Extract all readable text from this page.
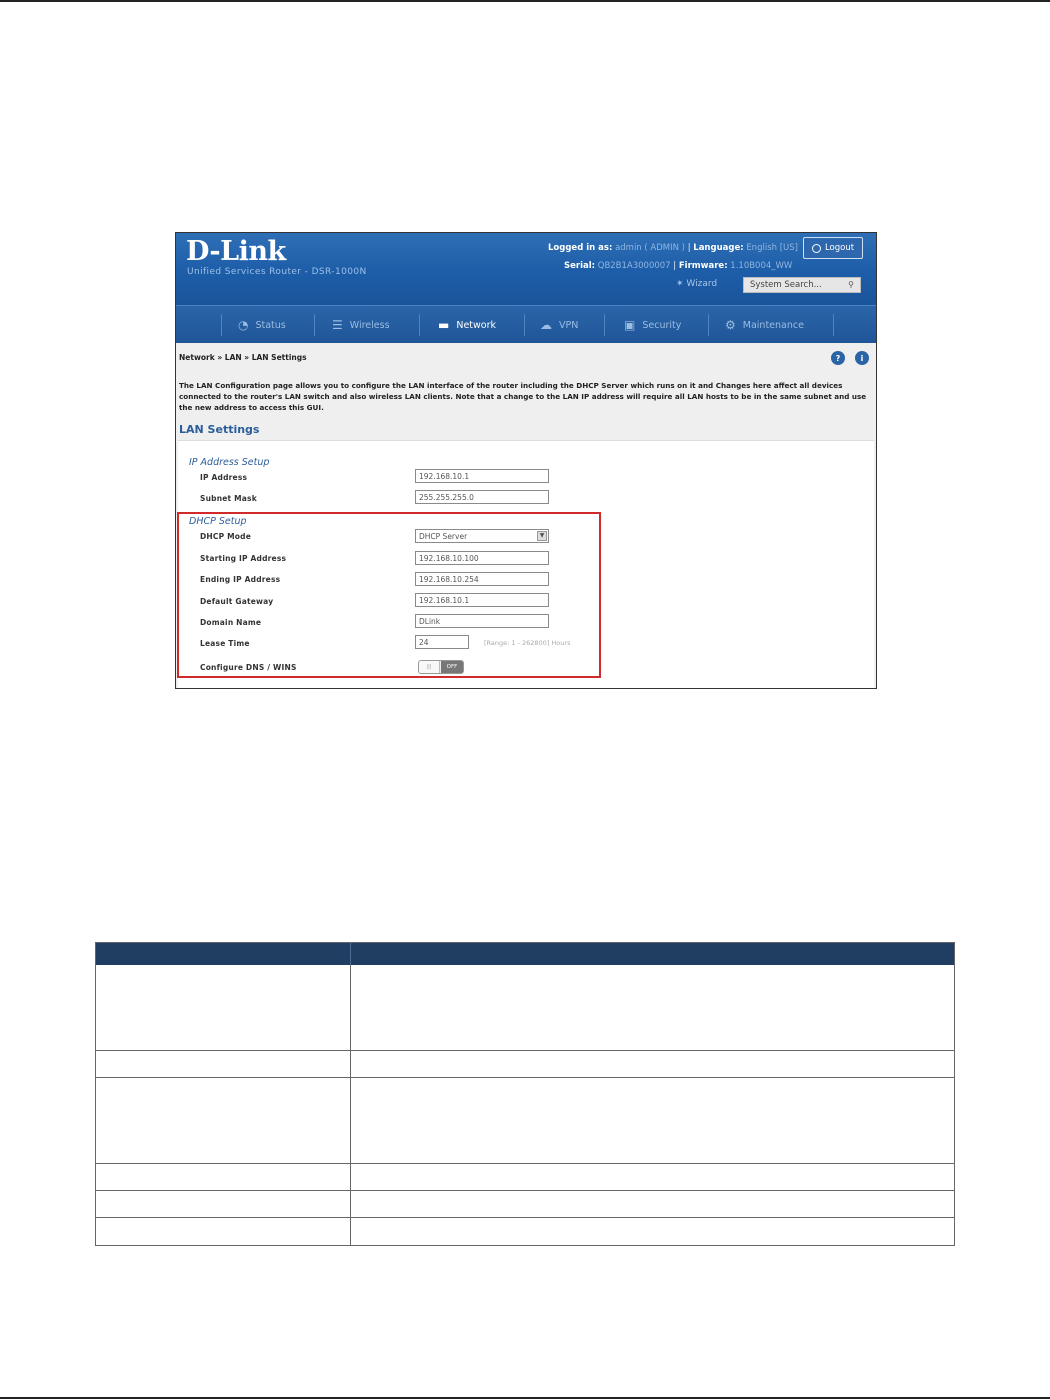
D-Link
Unified Services Router - DSR-1000N
Logged in as: admin ( ADMIN ) | Language: English [US]
Serial: QB2B1A3000007 | Firmware: 1.10B004_WW
Logout
✶ Wizard	System Search...	⚲
◔ Status	☰ Wireless	▬ Network	☁ VPN	▣ Security	⚙ Maintenance
Network » LAN » LAN Settings	?	i
The LAN Configuration page allows you to configure the LAN interface of the router including the DHCP Server which runs on it and Changes here affect all devices connected to the router's LAN switch and also wireless LAN clients. Note that a change to the LAN IP address will require all LAN hosts to be in the same subnet and use the new address to access this GUI.
LAN Settings
IP Address Setup
IP Address	192.168.10.1
Subnet Mask	255.255.255.0
DHCP Setup
DHCP Mode	DHCP Server	▼
Starting IP Address	192.168.10.100
Ending IP Address	192.168.10.254
Default Gateway	192.168.10.1
Domain Name	DLink
Lease Time	24	[Range: 1 - 262800] Hours
Configure DNS / WINS	|||	OFF
